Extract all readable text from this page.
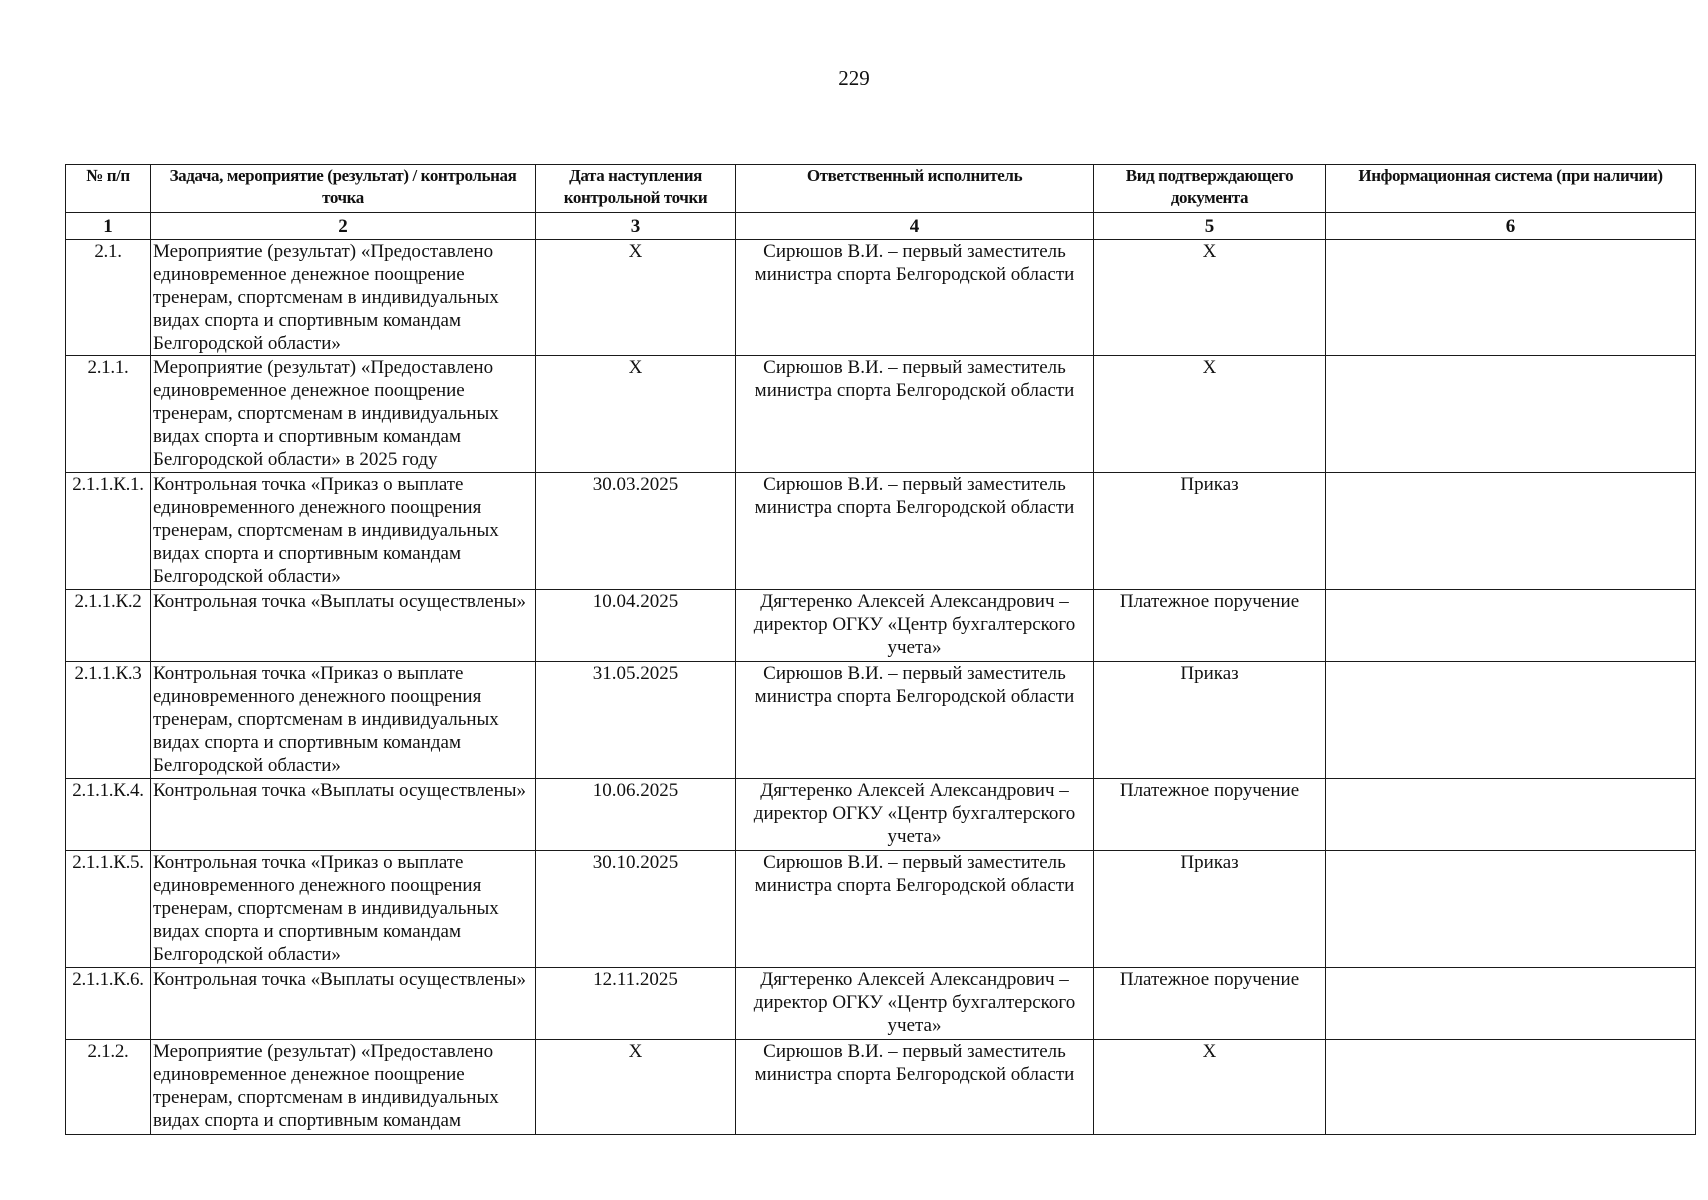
229
№ п/п	Задача, мероприятие (результат) / контрольная точка	Дата наступления контрольной точки	Ответственный исполнитель	Вид подтверждающего документа	Информационная система (при наличии)
1	2	3	4	5	6
2.1.	Мероприятие (результат) «Предоставлено единовременное денежное поощрение тренерам, спортсменам в индивидуальных видах спорта и спортивным командам Белгородской области»	X	Сирюшов В.И. – первый заместитель министра спорта Белгородской области	X	
2.1.1.	Мероприятие (результат) «Предоставлено единовременное денежное поощрение тренерам, спортсменам в индивидуальных видах спорта и спортивным командам Белгородской области» в 2025 году	X	Сирюшов В.И. – первый заместитель министра спорта Белгородской области	X	
2.1.1.К.1.	Контрольная точка «Приказ о выплате единовременного денежного поощрения тренерам, спортсменам в индивидуальных видах спорта и спортивным командам Белгородской области»	30.03.2025	Сирюшов В.И. – первый заместитель министра спорта Белгородской области	Приказ	
2.1.1.К.2	Контрольная точка «Выплаты осуществлены»	10.04.2025	Дягтеренко Алексей Александрович – директор ОГКУ «Центр бухгалтерского учета»	Платежное поручение	
2.1.1.К.3	Контрольная точка «Приказ о выплате единовременного денежного поощрения тренерам, спортсменам в индивидуальных видах спорта и спортивным командам Белгородской области»	31.05.2025	Сирюшов В.И. – первый заместитель министра спорта Белгородской области	Приказ	
2.1.1.К.4.	Контрольная точка «Выплаты осуществлены»	10.06.2025	Дягтеренко Алексей Александрович – директор ОГКУ «Центр бухгалтерского учета»	Платежное поручение	
2.1.1.К.5.	Контрольная точка «Приказ о выплате единовременного денежного поощрения тренерам, спортсменам в индивидуальных видах спорта и спортивным командам Белгородской области»	30.10.2025	Сирюшов В.И. – первый заместитель министра спорта Белгородской области	Приказ	
2.1.1.К.6.	Контрольная точка «Выплаты осуществлены»	12.11.2025	Дягтеренко Алексей Александрович – директор ОГКУ «Центр бухгалтерского учета»	Платежное поручение	
2.1.2.	Мероприятие (результат) «Предоставлено единовременное денежное поощрение тренерам, спортсменам в индивидуальных видах спорта и спортивным командам	X	Сирюшов В.И. – первый заместитель министра спорта Белгородской области	X	
